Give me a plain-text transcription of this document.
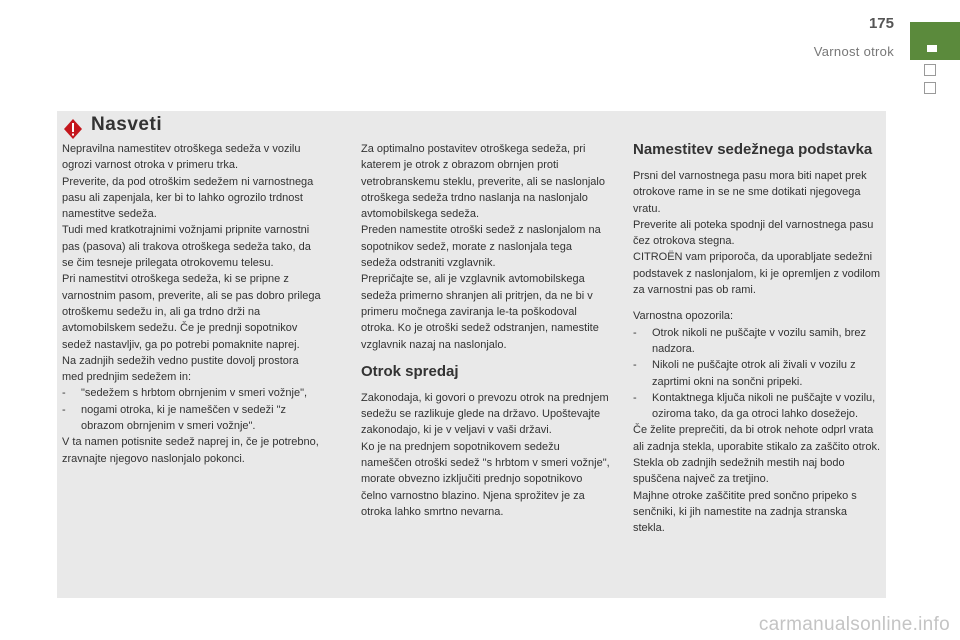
175
Varnost otrok
Nasveti

Nepravilna namestitev otroškega sedeža v vozilu ogrozi varnost otroka v primeru trka.

Preverite, da pod otroškim sedežem ni varnostnega pasu ali zapenjala, ker bi to lahko ogrozilo trdnost namestitve sedeža.

Tudi med kratkotrajnimi vožnjami pripnite varnostni pas (pasova) ali trakova otroškega sedeža tako, da se čim tesneje prilegata otrokovemu telesu.

Pri namestitvi otroškega sedeža, ki se pripne z varnostnim pasom, preverite, ali se pas dobro prilega otroškemu sedežu in, ali ga trdno drži na avtomobilskem sedežu. Če je prednji sopotnikov sedež nastavljiv, ga po potrebi pomaknite naprej.

Na zadnjih sedežih vedno pustite dovolj prostora med prednjim sedežem in:

- "sedežem s hrbtom obrnjenim v smeri vožnje",
- nogami otroka, ki je nameščen v sedeži "z obrazom obrnjenim v smeri vožnje".

V ta namen potisnite sedež naprej in, če je potrebno, zravnajte njegovo naslonjalo pokonci.

Za optimalno postavitev otroškega sedeža, pri katerem je otrok z obrazom obrnjen proti vetrobranskemu steklu, preverite, ali se naslonjalo otroškega sedeža trdno naslanja na naslonjalo avtomobilskega sedeža.

Preden namestite otroški sedež z naslonjalom na sopotnikov sedež, morate z naslonjala tega sedeža odstraniti vzglavnik.

Prepričajte se, ali je vzglavnik avtomobilskega sedeža primerno shranjen ali pritrjen, da ne bi v primeru močnega zaviranja le-ta poškodoval otroka. Ko je otroški sedež odstranjen, namestite vzglavnik nazaj na naslonjalo.

Otrok spredaj

Zakonodaja, ki govori o prevozu otrok na prednjem sedežu se razlikuje glede na državo. Upoštevajte zakonodajo, ki je v veljavi v vaši državi.

Ko je na prednjem sopotnikovem sedežu nameščen otroški sedež "s hrbtom v smeri vožnje", morate obvezno izključiti prednjo sopotnikovo čelno varnostno blazino. Njena sprožitev je za otroka lahko smrtno nevarna.

Namestitev sedežnega podstavka

Prsni del varnostnega pasu mora biti napet prek otrokove rame in se ne sme dotikati njegovega vratu.

Preverite ali poteka spodnji del varnostnega pasu čez otrokova stegna.

CITROËN vam priporoča, da uporabljate sedežni podstavek z naslonjalom, ki je opremljen z vodilom za varnostni pas ob rami.

Varnostna opozorila:

- Otrok nikoli ne puščajte v vozilu samih, brez nadzora.
- Nikoli ne puščajte otrok ali živali v vozilu z zaprtimi okni na sončni pripeki.
- Kontaktnega ključa nikoli ne puščajte v vozilu, oziroma tako, da ga otroci lahko dosežejo.

Če želite preprečiti, da bi otrok nehote odprl vrata ali zadnja stekla, uporabite stikalo za zaščito otrok.

Stekla ob zadnjih sedežnih mestih naj bodo spuščena največ za tretjino.

Majhne otroke zaščitite pred sončno pripeko s senčniki, ki jih namestite na zadnja stranska stekla.

carmanualsonline.info
